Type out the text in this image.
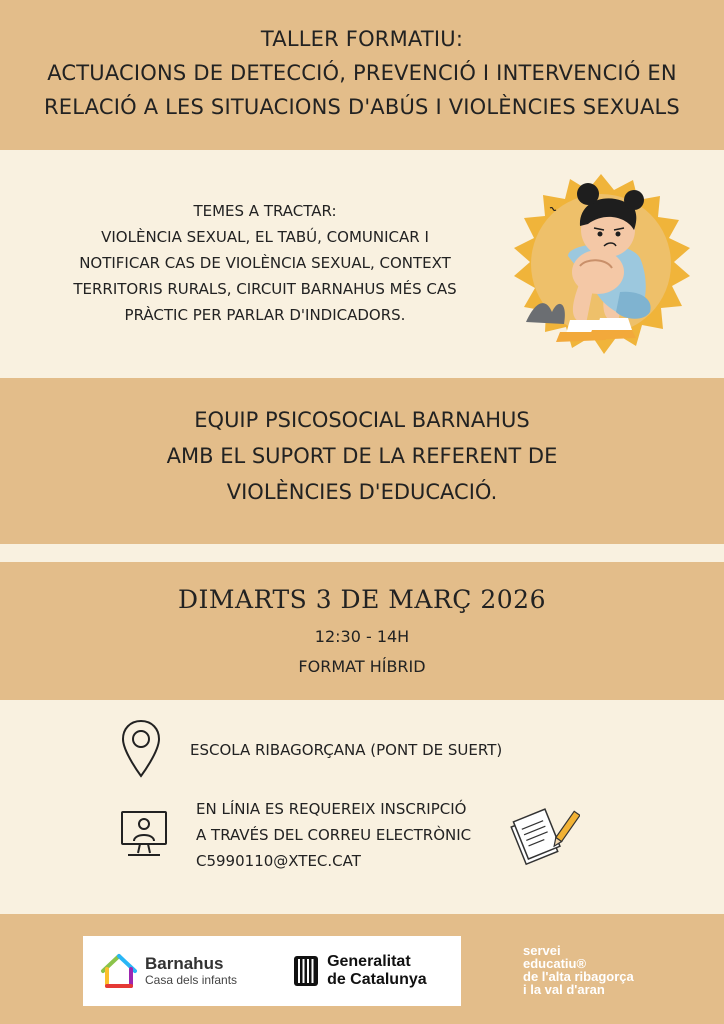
TALLER FORMATIU:
ACTUACIONS DE DETECCIÓ, PREVENCIÓ I INTERVENCIÓ EN
RELACIÓ A LES SITUACIONS D'ABÚS I VIOLÈNCIES SEXUALS
TEMES A TRACTAR:
VIOLÈNCIA SEXUAL, EL TABÚ, COMUNICAR I
NOTIFICAR CAS DE VIOLÈNCIA SEXUAL, CONTEXT
TERRITORIS RURALS, CIRCUIT BARNAHUS MÉS CAS
PRÀCTIC PER PARLAR D'INDICADORS.
EQUIP PSICOSOCIAL BARNAHUS
AMB EL SUPORT DE LA REFERENT DE
VIOLÈNCIES D'EDUCACIÓ.
DIMARTS 3 DE MARÇ 2026
12:30 - 14H
FORMAT HÍBRID
ESCOLA RIBAGORÇANA (PONT DE SUERT)
EN LÍNIA ES REQUEREIX INSCRIPCIÓ
A TRAVÉS DEL CORREU ELECTRÒNIC
C5990110@XTEC.CAT
Barnahus
Casa dels infants
Generalitat
de Catalunya
servei
educatiu®
de l'alta ribagorça
i la val d'aran
